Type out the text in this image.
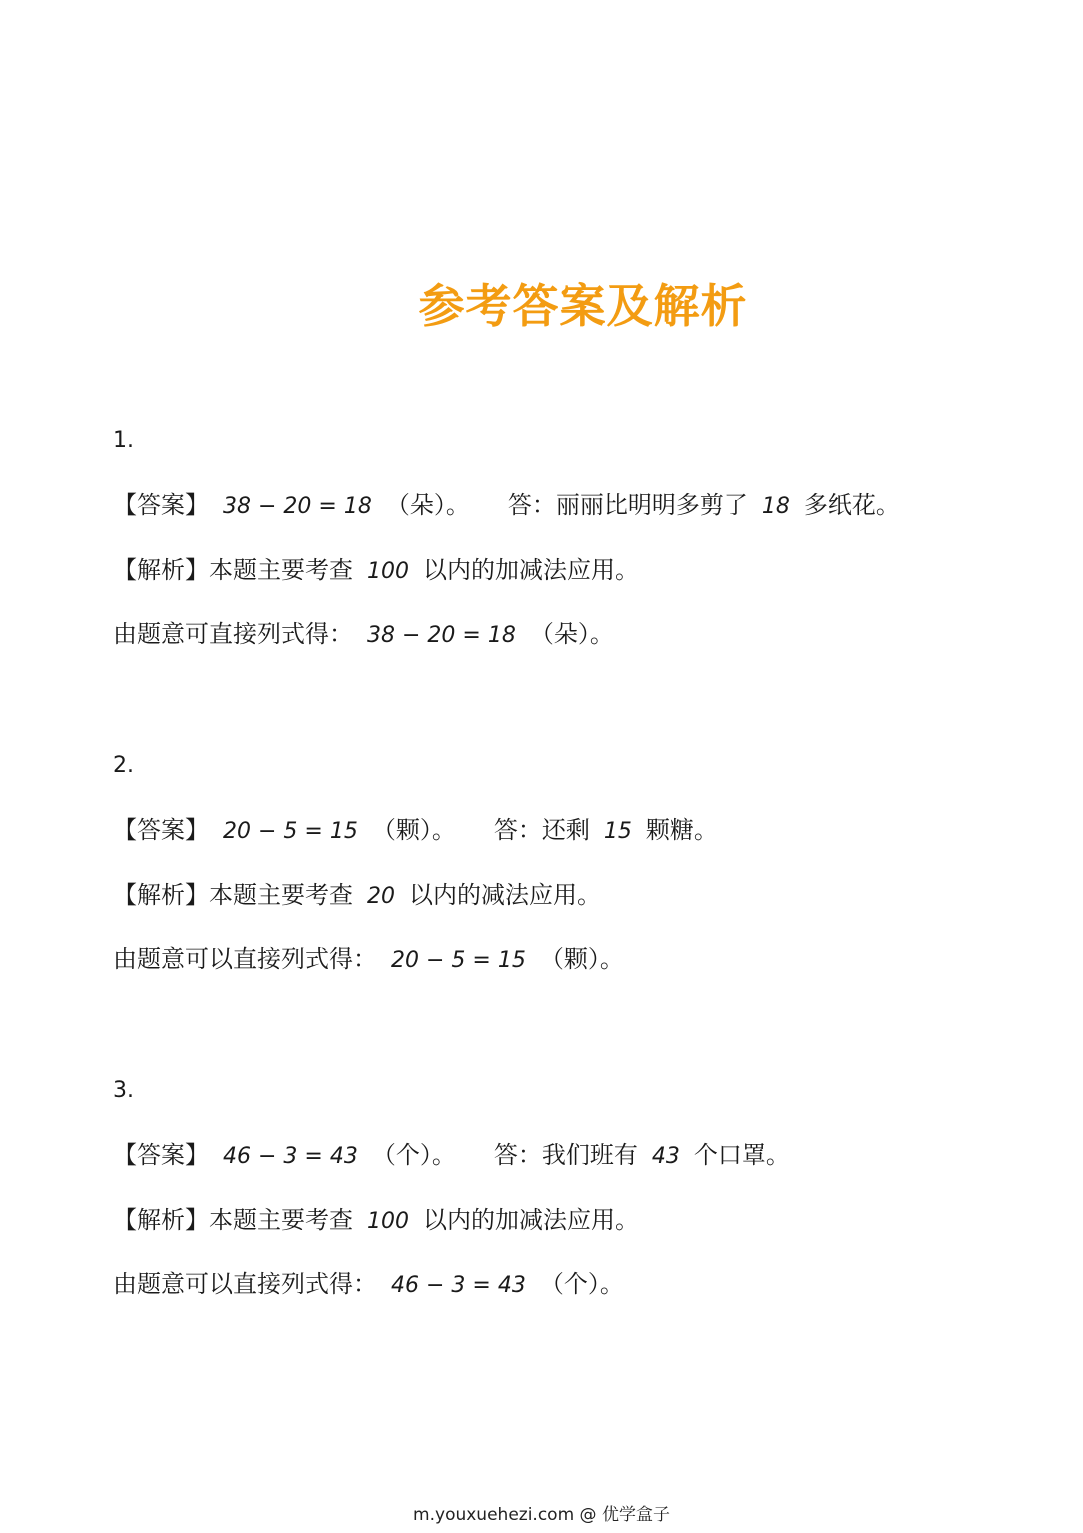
参考答案及解析
1.
【答案】 38 − 20 = 18 （朵）。 答：丽丽比明明多剪了 18 多纸花。
【解析】本题主要考查 100 以内的加减法应用。
由题意可直接列式得： 38 − 20 = 18 （朵）。
2.
【答案】 20 − 5 = 15 （颗）。 答：还剩 15 颗糖。
【解析】本题主要考查 20 以内的减法应用。
由题意可以直接列式得： 20 − 5 = 15 （颗）。
3.
【答案】 46 − 3 = 43 （个）。 答：我们班有 43 个口罩。
【解析】本题主要考查 100 以内的加减法应用。
由题意可以直接列式得： 46 − 3 = 43 （个）。
m.youxuehezi.com @ 优学盒子
